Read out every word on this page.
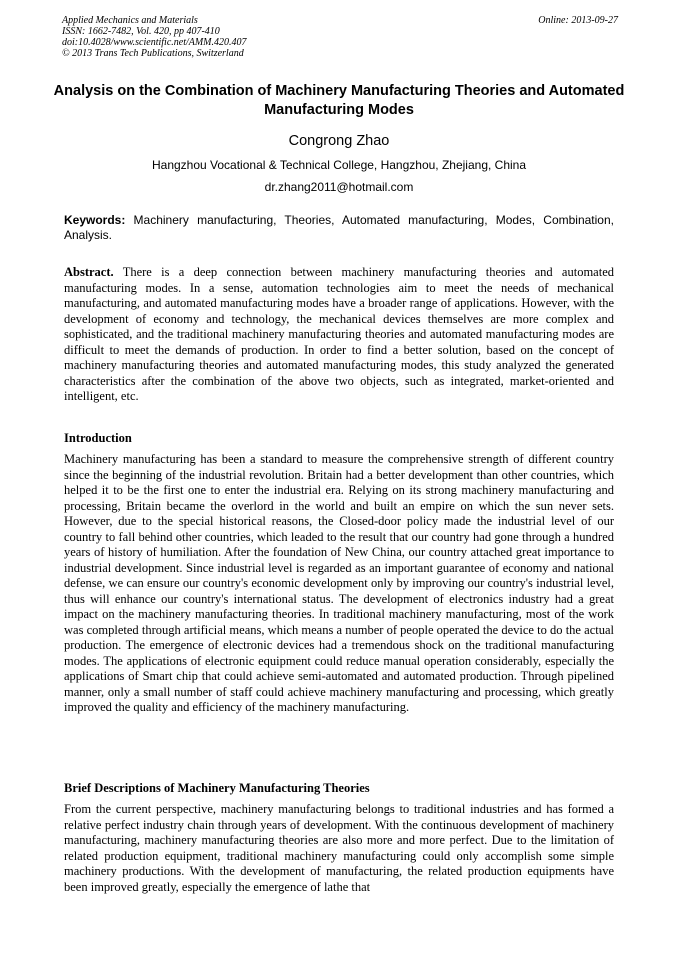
Applied Mechanics and Materials
ISSN: 1662-7482, Vol. 420, pp 407-410
doi:10.4028/www.scientific.net/AMM.420.407
© 2013 Trans Tech Publications, Switzerland
Online: 2013-09-27
Analysis on the Combination of Machinery Manufacturing Theories and Automated Manufacturing Modes
Congrong Zhao
Hangzhou Vocational & Technical College, Hangzhou, Zhejiang, China
dr.zhang2011@hotmail.com
Keywords: Machinery manufacturing, Theories, Automated manufacturing, Modes, Combination, Analysis.

Abstract. There is a deep connection between machinery manufacturing theories and automated manufacturing modes. In a sense, automation technologies aim to meet the needs of mechanical manufacturing, and automated manufacturing modes have a broader range of applications. However, with the development of economy and technology, the mechanical devices themselves are more complex and sophisticated, and the traditional machinery manufacturing theories and automated manufacturing modes are difficult to meet the demands of production. In order to find a better solution, based on the concept of machinery manufacturing theories and automated manufacturing modes, this study analyzed the generated characteristics after the combination of the above two objects, such as integrated, market-oriented and intelligent, etc.

Introduction

Machinery manufacturing has been a standard to measure the comprehensive strength of different country since the beginning of the industrial revolution. Britain had a better development than other countries, which helped it to be the first one to enter the industrial era. Relying on its strong machinery manufacturing and processing, Britain became the overlord in the world and built an empire on which the sun never sets. However, due to the special historical reasons, the Closed-door policy made the industrial level of our country to fall behind other countries, which leaded to the result that our country had gone through a hundred years of history of humiliation. After the foundation of New China, our country attached great importance to industrial development. Since industrial level is regarded as an important guarantee of economy and national defense, we can ensure our country's economic development only by improving our country's industrial level, thus will enhance our country's international status. The development of electronics industry had a great impact on the machinery manufacturing theories. In traditional machinery manufacturing, most of the work was completed through artificial means, which means a number of people operated the device to do the actual production. The emergence of electronic devices had a tremendous shock on the traditional manufacturing modes. The applications of electronic equipment could reduce manual operation considerably, especially the applications of Smart chip that could achieve semi-automated and automated production. Through pipelined manner, only a small number of staff could achieve machinery manufacturing and processing, which greatly improved the quality and efficiency of the machinery manufacturing.

Brief Descriptions of Machinery Manufacturing Theories

From the current perspective, machinery manufacturing belongs to traditional industries and has formed a relative perfect industry chain through years of development. With the continuous development of machinery manufacturing, machinery manufacturing theories are also more and more perfect. Due to the limitation of related production equipment, traditional machinery manufacturing could only accomplish some simple machinery productions. With the development of manufacturing, the related production equipments have been improved greatly, especially the emergence of lathe that
